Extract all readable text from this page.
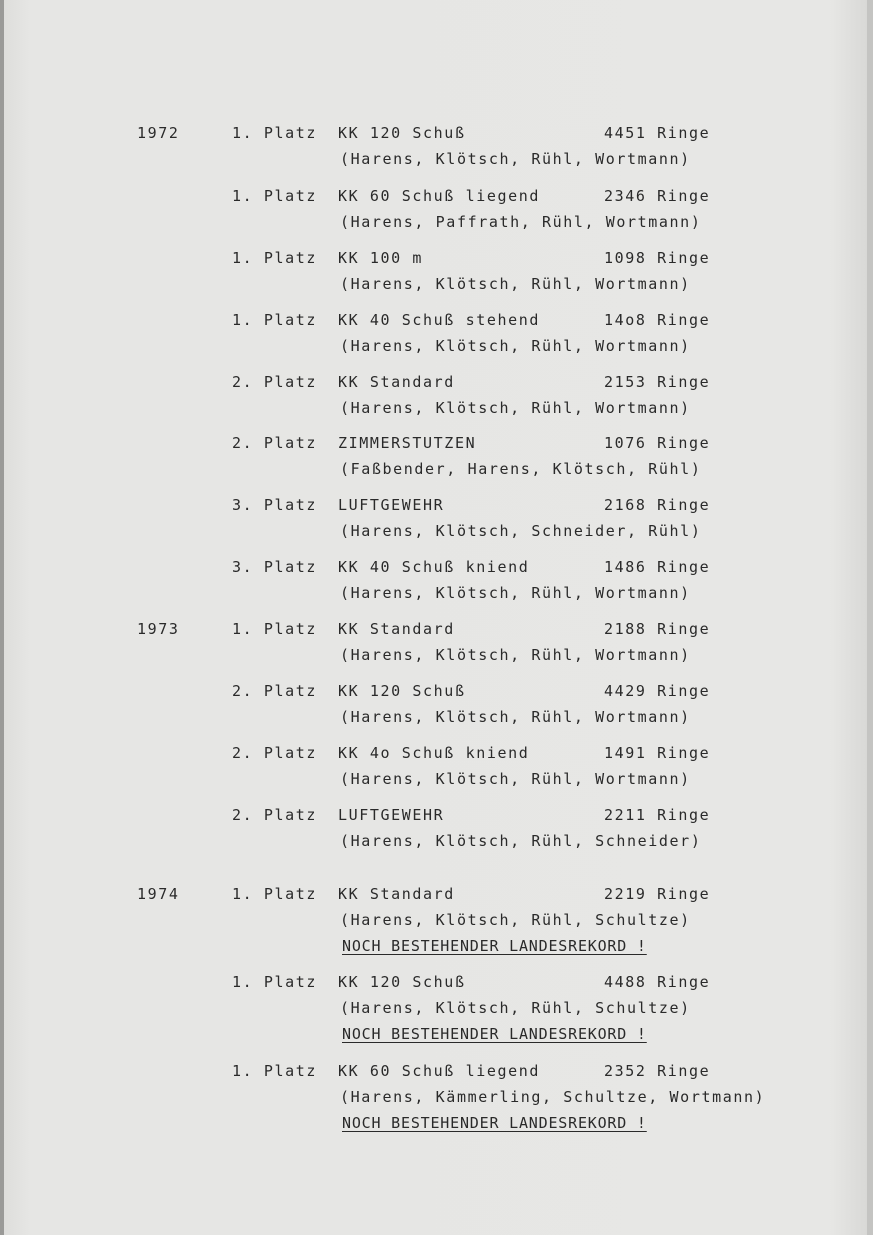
1972	1. Platz KK 120 Schuß	4451 Ringe
(Harens, Klötsch, Rühl, Wortmann)
1. Platz KK 60 Schuß liegend	2346 Ringe
(Harens, Paffrath, Rühl, Wortmann)
1. Platz KK 100 m	1098 Ringe
(Harens, Klötsch, Rühl, Wortmann)
1. Platz KK 40 Schuß stehend	14o8 Ringe
(Harens, Klötsch, Rühl, Wortmann)
2. Platz KK Standard	2153 Ringe
(Harens, Klötsch, Rühl, Wortmann)
2. Platz ZIMMERSTUTZEN	1076 Ringe
(Faßbender, Harens, Klötsch, Rühl)
3. Platz LUFTGEWEHR	2168 Ringe
(Harens, Klötsch, Schneider, Rühl)
3. Platz KK 40 Schuß kniend	1486 Ringe
(Harens, Klötsch, Rühl, Wortmann)
1973	1. Platz KK Standard	2188 Ringe
(Harens, Klötsch, Rühl, Wortmann)
2. Platz KK 120 Schuß	4429 Ringe
(Harens, Klötsch, Rühl, Wortmann)
2. Platz KK 4o Schuß kniend	1491 Ringe
(Harens, Klötsch, Rühl, Wortmann)
2. Platz LUFTGEWEHR	2211 Ringe
(Harens, Klötsch, Rühl, Schneider)
1974	1. Platz KK Standard	2219 Ringe
(Harens, Klötsch, Rühl, Schultze)
NOCH BESTEHENDER LANDESREKORD !
1. Platz KK 120 Schuß	4488 Ringe
(Harens, Klötsch, Rühl, Schultze)
NOCH BESTEHENDER LANDESREKORD !
1. Platz KK 60 Schuß liegend	2352 Ringe
(Harens, Kämmerling, Schultze, Wortmann)
NOCH BESTEHENDER LANDESREKORD !
